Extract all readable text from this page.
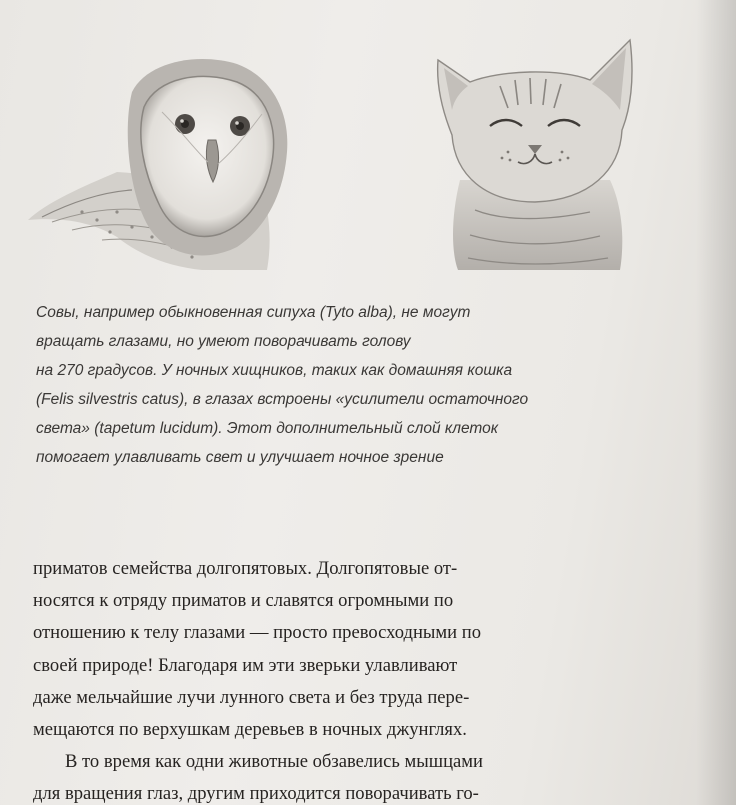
Совы, например обыкновенная сипуха (Tyto alba), не могут
вращать глазами, но умеют поворачивать голову
на 270 градусов. У ночных хищников, таких как домашняя кошка
(Felis silvestris catus), в глазах встроены «усилители остаточного
света» (tapetum lucidum). Этот дополнительный слой клеток
помогает улавливать свет и улучшает ночное зрение
приматов семейства долгопятовых. Долгопятовые от-
носятся к отряду приматов и славятся огромными по
отношению к телу глазами — просто превосходными по
своей природе! Благодаря им эти зверьки улавливают
даже мельчайшие лучи лунного света и без труда пере-
мещаются по верхушкам деревьев в ночных джунглях.
В то время как одни животные обзавелись мышцами
для вращения глаз, другим приходится поворачивать го-
